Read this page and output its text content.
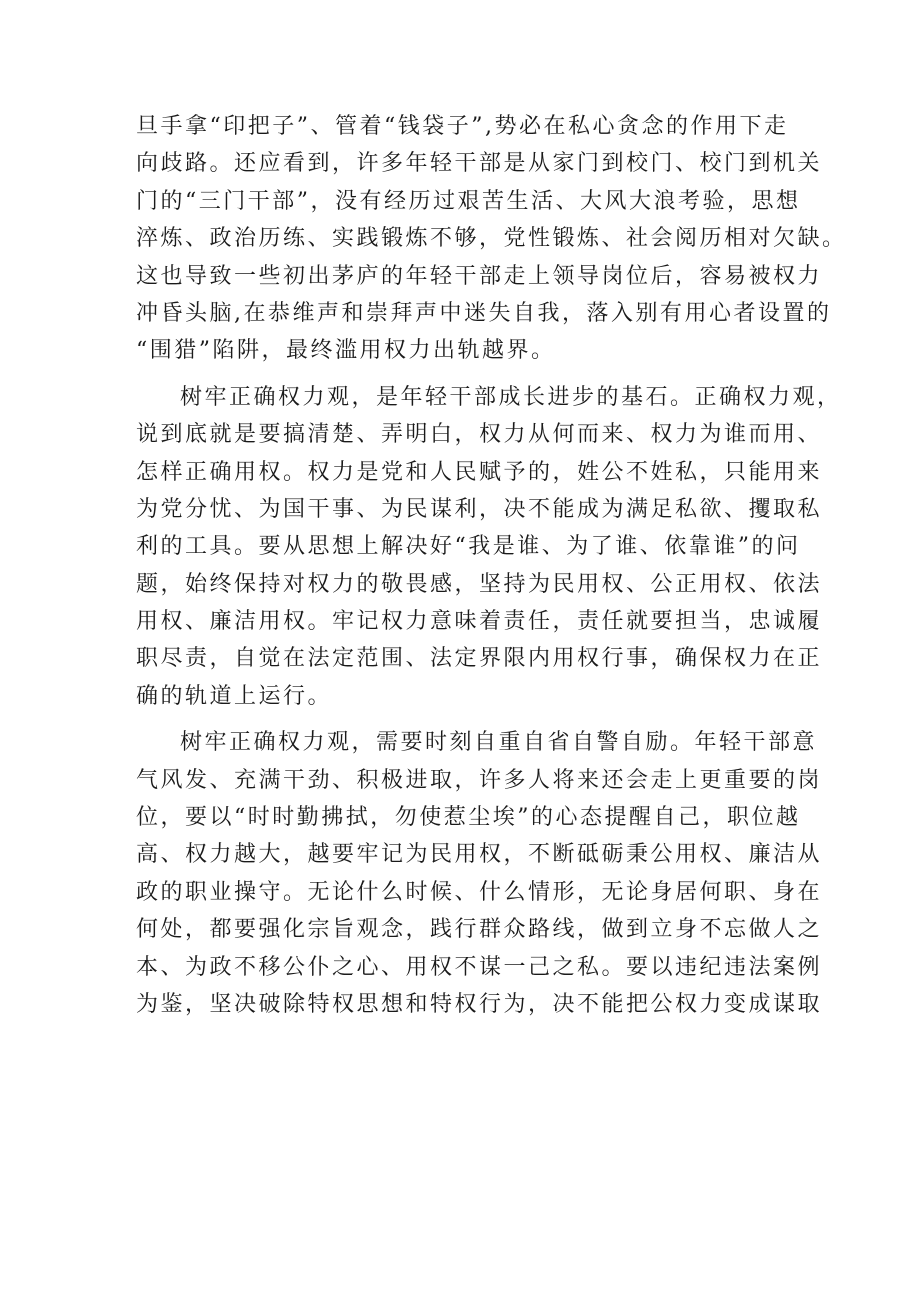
旦手拿“印把子”、管着“钱袋子”,势必在私心贪念的作用下走
向歧路。还应看到，许多年轻干部是从家门到校门、校门到机关
门的“三门干部”，没有经历过艰苦生活、大风大浪考验，思想
淬炼、政治历练、实践锻炼不够，党性锻炼、社会阅历相对欠缺。
这也导致一些初出茅庐的年轻干部走上领导岗位后，容易被权力
冲昏头脑,在恭维声和崇拜声中迷失自我，落入别有用心者设置的
“围猎”陷阱，最终滥用权力出轨越界。
树牢正确权力观，是年轻干部成长进步的基石。正确权力观，
说到底就是要搞清楚、弄明白，权力从何而来、权力为谁而用、
怎样正确用权。权力是党和人民赋予的，姓公不姓私，只能用来
为党分忧、为国干事、为民谋利，决不能成为满足私欲、攫取私
利的工具。要从思想上解决好“我是谁、为了谁、依靠谁”的问
题，始终保持对权力的敬畏感，坚持为民用权、公正用权、依法
用权、廉洁用权。牢记权力意味着责任，责任就要担当，忠诚履
职尽责，自觉在法定范围、法定界限内用权行事，确保权力在正
确的轨道上运行。
树牢正确权力观，需要时刻自重自省自警自励。年轻干部意
气风发、充满干劲、积极进取，许多人将来还会走上更重要的岗
位，要以“时时勤拂拭，勿使惹尘埃”的心态提醒自己，职位越
高、权力越大，越要牢记为民用权，不断砥砺秉公用权、廉洁从
政的职业操守。无论什么时候、什么情形，无论身居何职、身在
何处，都要强化宗旨观念，践行群众路线，做到立身不忘做人之
本、为政不移公仆之心、用权不谋一己之私。要以违纪违法案例
为鉴，坚决破除特权思想和特权行为，决不能把公权力变成谋取
